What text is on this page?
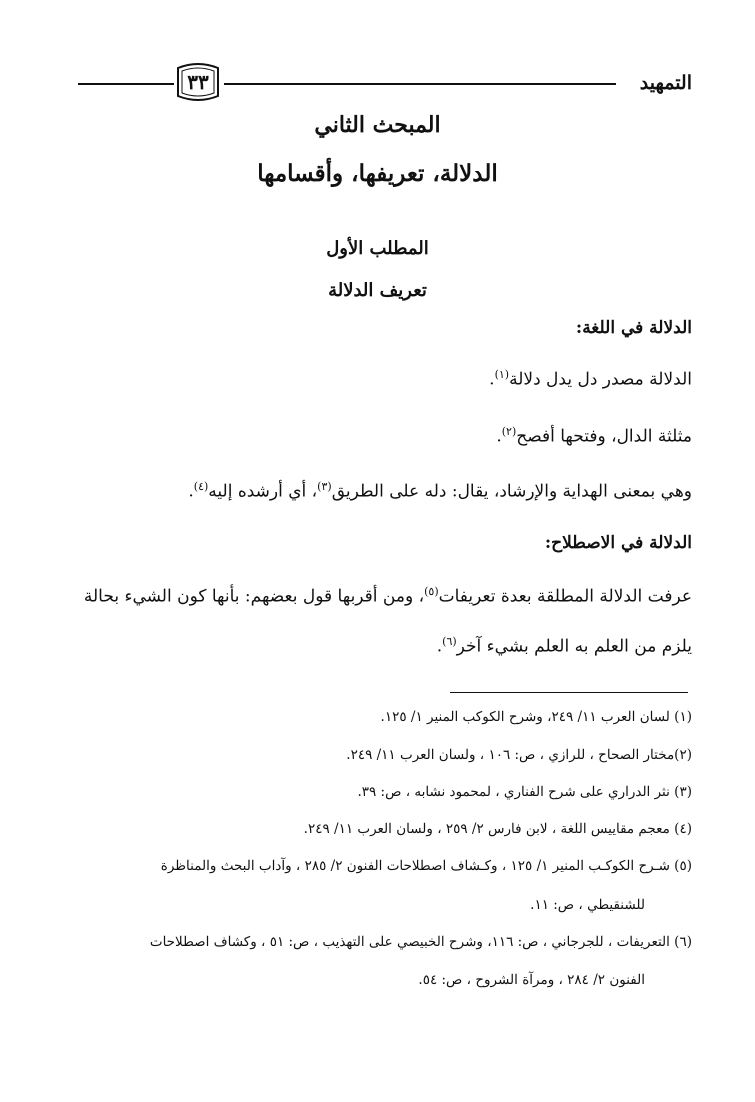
٣٣	التمهيد
المبحث الثاني
الدلالة، تعريفها، وأقسامها
المطلب الأول
تعريف الدلالة
الدلالة في اللغة:
الدلالة مصدر دل يدل دلالة$^{(١)}$.
مثلثة الدال، وفتحها أفصح$^{(٢)}$.
وهي بمعنى الهداية والإرشاد، يقال: دله على الطريق$^{(٣)}$، أي أرشده إليه$^{(٤)}$.
الدلالة في الاصطلاح:
عرفت الدلالة المطلقة بعدة تعريفات$^{(٥)}$، ومن أقربها قول بعضهم: بأنها كون الشيء بحالة
يلزم من العلم به العلم بشيء آخر$^{(٦)}$.
(١) لسان العرب ١١/ ٢٤٩، وشرح الكوكب المنير ١/ ١٢٥.
(٢)مختار الصحاح ، للرازي ، ص: ١٠٦ ، ولسان العرب ١١/ ٢٤٩.
(٣) نثر الدراري على شرح الفناري ، لمحمود نشابه ، ص: ٣٩.
(٤) معجم مقاييس اللغة ، لابن فارس ٢/ ٢٥٩ ، ولسان العرب ١١/ ٢٤٩.
(٥) شـرح الكوكـب المنير ١/ ١٢٥ ، وكـشاف اصطلاحات الفنون ٢/ ٢٨٥ ، وآداب البحث والمناظرة
للشنقيطي ، ص: ١١.
(٦) التعريفات ، للجرجاني ، ص: ١١٦، وشرح الخبيصي على التهذيب ، ص: ٥١ ، وكشاف اصطلاحات
الفنون ٢/ ٢٨٤ ، ومرآة الشروح ، ص: ٥٤.
